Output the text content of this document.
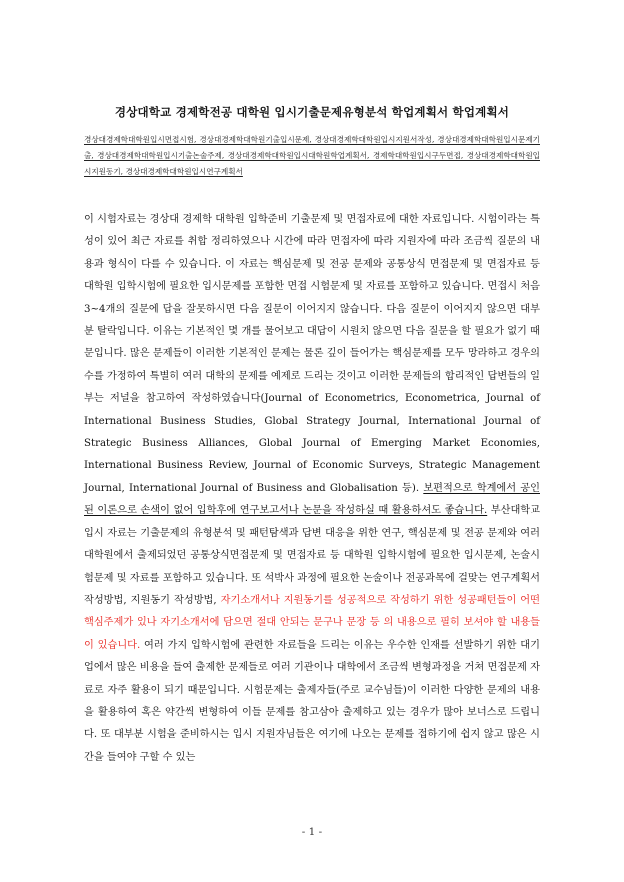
경상대학교 경제학전공 대학원 입시기출문제유형분석 학업계획서 학업계획서
경상대경제학대학원입시면접시험, 경상대경제학대학원기출입시문제, 경상대경제학대학원입시지원서작성, 경상대경제학대학원입시문제기출, 경상대경제학대학원입시기출논술주제, 경상대경제학대학원입시대학원학업계획서, 경제학대학원입시구두면접, 경상대경제학대학원입시지원동기, 경상대경제학대학원입시연구계획서

이 시험자료는 경상대 경제학 대학원 입학준비 기출문제 및 면접자료에 대한 자료입니다. 시험이라는 특성이 있어 최근 자료를 취합 정리하였으나 시간에 따라 면접자에 따라 지원자에 따라 조금씩 질문의 내용과 형식이 다를 수 있습니다. 이 자료는 핵심문제 및 전공 문제와 공통상식 면접문제 및 면접자료 등 대학원 입학시험에 필요한 입시문제를 포함한 면접 시험문제 및 자료를 포함하고 있습니다. 면접시 처음 3~4개의 질문에 답을 잘못하시면 다음 질문이 이어지지 않습니다. 다음 질문이 이어지지 않으면 대부분 탈락입니다. 이유는 기본적인 몇 개를 물어보고 대답이 시원치 않으면 다음 질문을 할 필요가 없기 때문입니다. 많은 문제들이 이러한 기본적인 문제는 물론 깊이 들어가는 핵심문제를 모두 망라하고 경우의 수를 가정하여 특별히 여러 대학의 문제를 예제로 드리는 것이고 이러한 문제들의 합리적인 답변들의 일부는 저널을 참고하여 작성하였습니다(Journal of Econometrics, Econometrica, Journal of International Business Studies, Global Strategy Journal, International Journal of Strategic Business Alliances, Global Journal of Emerging Market Economies, International Business Review, Journal of Economic Surveys, Strategic Management Journal, International Journal of Business and Globalisation 등). 보편적으로 학계에서 공인된 이론으로 손색이 없어 입학후에 연구보고서나 논문을 작성하실 때 활용하셔도 좋습니다. 부산대학교 입시 자료는 기출문제의 유형분석 및 패턴탐색과 답변 대응을 위한 연구, 핵심문제 및 전공 문제와 여러 대학원에서 출제되었던 공통상식면접문제 및 면접자료 등 대학원 입학시험에 필요한 입시문제, 논술시험문제 및 자료를 포함하고 있습니다. 또 석박사 과정에 필요한 논술이나 전공과목에 걸맞는 연구계획서 작성방법, 지원동기 작성방법, 자기소개서나 지원동기를 성공적으로 작성하기 위한 성공패턴들이 어떤 핵심주제가 있나 자기소개서에 담으면 절대 안되는 문구나 문장 등 의 내용으로 필히 보셔야 할 내용들이 있습니다. 여러 가지 입학시험에 관련한 자료들을 드리는 이유는 우수한 인재를 선발하기 위한 대기업에서 많은 비용을 들여 출제한 문제들로 여러 기관이나 대학에서 조금씩 변형과정을 거쳐 면접문제 자료로 자주 활용이 되기 때문입니다. 시험문제는 출제자들(주로 교수님들)이 이러한 다양한 문제의 내용을 활용하여 혹은 약간씩 변형하여 이들 문제를 참고삼아 출제하고 있는 경우가 많아 보너스로 드립니다. 또 대부분 시험을 준비하시는 입시 지원자님들은 여기에 나오는 문제를 접하기에 쉽지 않고 많은 시간을 들여야 구할 수 있는

- 1 -
